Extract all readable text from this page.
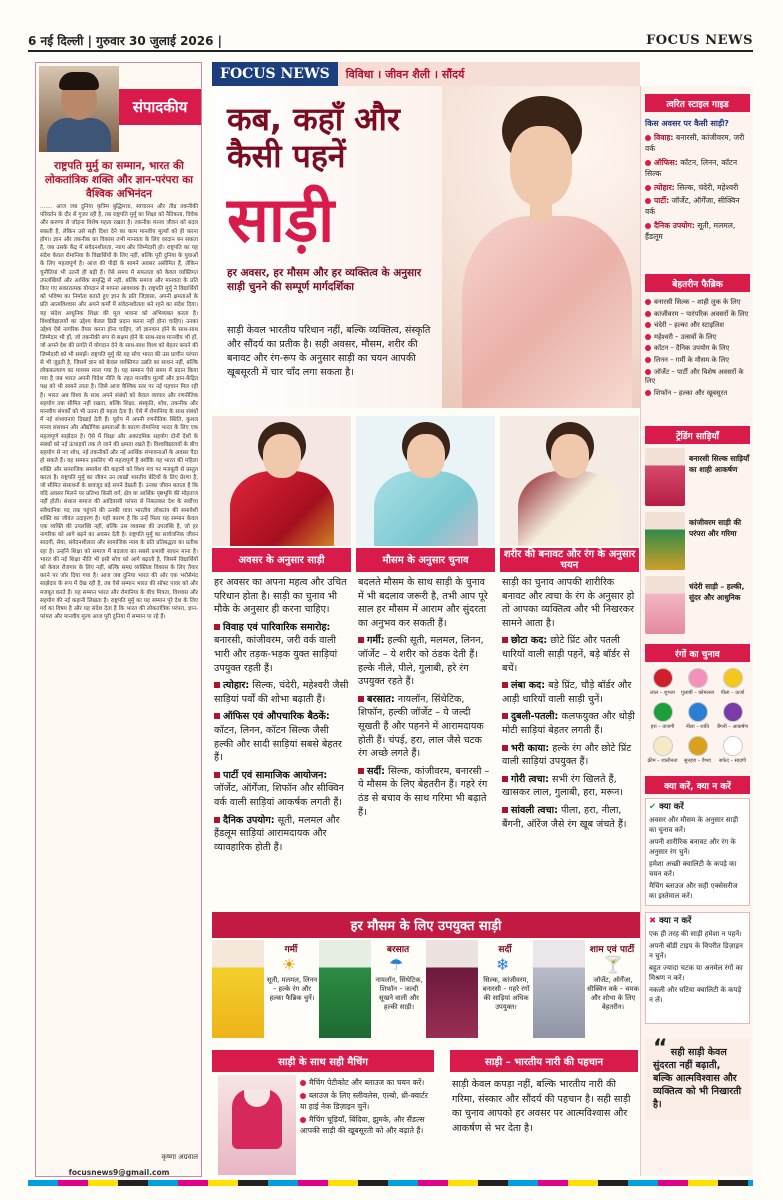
6 नई दिल्ली | गुरुवार 30 जुलाई 2026 |	FOCUS NEWS
संपादकीय
राष्ट्रपति मुर्मु का सम्मान, भारत की लोकतांत्रिक शक्ति और ज्ञान-परंपरा का वैश्विक अभिनंदन
....... आज जब दुनिया कृत्रिम बुद्धिमत्ता, स्वचालन और तीव्र तकनीकी परिवर्तन के दौर से गुजर रही है, तब राष्ट्रपति मुर्मु का शिक्षा को नैतिकता, विवेक और करुणा से जोड़ना विशेष महत्व रखता है। तकनीक मानव जीवन को बदल सकती है, लेकिन उसे सही दिशा देने का काम मानवीय मूल्यों को ही करना होगा। ज्ञान और तकनीक का विकास तभी मानवता के लिए वरदान बन सकता है, जब उसके केंद्र में संवेदनशीलता, न्याय और जिम्मेदारी हो। राष्ट्रपति का यह संदेश केवल रोमानिया के विद्यार्थियों के लिए नहीं, बल्कि पूरी दुनिया के युवाओं के लिए महत्वपूर्ण है। आज की पीढ़ी के सामने अवसर असीमित हैं, लेकिन चुनौतियां भी उतनी ही बड़ी हैं। ऐसे समय में सफलता को केवल व्यक्तिगत उपलब्धियों और आर्थिक समृद्धि से नहीं, बल्कि समाज और मानवता के प्रति किए गए सकारात्मक योगदान से मापना आवश्यक है। राष्ट्रपति मुर्मु ने विद्यार्थियों को भविष्य का निर्माता बताते हुए ज्ञान के प्रति जिज्ञासा, अपनी क्षमताओं के प्रति आत्मविश्वास और अपने कर्मों में संवेदनशीलता बने रहने का संदेश दिया। यह संदेश आधुनिक शिक्षा की मूल भावना को अभिव्यक्त करता है। विश्वविद्यालयों का उद्देश्य केवल डिग्री प्रदान करना नहीं होना चाहिए। उनका उद्देश्य ऐसे नागरिक तैयार करना होना चाहिए, जो ज्ञानवान होने के साथ-साथ जिम्मेदार भी हों, जो तकनीकी रूप से सक्षम होने के साथ-साथ मानवीय भी हों, जो अपने देश की प्रगति में योगदान देने के साथ-साथ विश्व को बेहतर बनाने की जिम्मेदारी को भी समझें। राष्ट्रपति मुर्मु की यह सोच भारत की उस प्राचीन परंपरा से भी जुड़ती है, जिसमें ज्ञान को केवल व्यक्तिगत उन्नति का साधन नहीं, बल्कि लोककल्याण का माध्यम माना गया है। यह सम्मान ऐसे समय में प्रदान किया गया है जब भारत अपनी विदेश नीति के तहत मानवीय मूल्यों और ज्ञान-केंद्रित पक्ष को भी सामने लाता है। जिसे आज वैश्विक स्तर पर नई पहचान मिल रही है। भारत अब विश्व के साथ अपने संबंधों को केवल व्यापार और रणनीतिक सहयोग तक सीमित नहीं रखता, बल्कि शिक्षा, संस्कृति, शोध, तकनीक और मानवीय संपर्कों को भी उतना ही महत्व देता है। ऐसे में रोमानिया के साथ संबंधों में नई संभावनाएं दिखाई देती हैं। यूरोप में अपनी रणनीतिक स्थिति, कुशल मानव संसाधन और औद्योगिक क्षमताओं के कारण रोमानिया भारत के लिए एक महत्वपूर्ण साझेदार है। ऐसे में शिक्षा और अकादमिक सहयोग दोनों देशों के संबंधों को नई ऊंचाइयों तक ले जाने की क्षमता रखते हैं। विश्वविद्यालयों के बीच सहयोग से नए शोध, नई तकनीकों और नई आर्थिक संभावनाओं के अवसर पैदा हो सकते हैं। यह सम्मान इसलिए भी महत्वपूर्ण है क्योंकि यह भारत की महिला शक्ति और सामाजिक समावेश की कहानी को विश्व मंच पर मजबूती से प्रस्तुत करता है। राष्ट्रपति मुर्मु का जीवन उन लाखों भारतीय बेटियों के लिए प्रेरणा है, जो सीमित संसाधनों के बावजूद बड़े सपने देखती हैं। उनका जीवन बताता है कि यदि अवसर मिलने पर प्रतिभा किसी वर्ग, क्षेत्र या आर्थिक पृष्ठभूमि की मोहताज नहीं होती। संथाल समाज की आदिवासी परंपरा से निकलकर देश के सर्वोच्च संवैधानिक पद तक पहुंचने की उनकी यात्रा भारतीय लोकतंत्र की समावेशी शक्ति का जीवंत उदाहरण है। यही कारण है कि उन्हें मिला यह सम्मान केवल एक व्यक्ति की उपलब्धि नहीं, बल्कि उस व्यवस्था की उपलब्धि है, जो हर नागरिक को आगे बढ़ने का अवसर देती है। राष्ट्रपति मुर्मु का सार्वजनिक जीवन सादगी, सेवा, संवेदनशीलता और सामाजिक न्याय के प्रति प्रतिबद्धता का प्रतीक रहा है। उन्होंने शिक्षा को समाज में बदलाव का सबसे प्रभावी साधन माना है। भारत की नई शिक्षा नीति भी इसी सोच को आगे बढ़ाती है, जिसमें विद्यार्थियों को केवल रोजगार के लिए नहीं, बल्कि समग्र व्यक्तित्व विकास के लिए तैयार करने पर जोर दिया गया है। आज जब दुनिया भारत की ओर एक भरोसेमंद साझेदार के रूप में देख रही है, तब ऐसे सम्मान भारत की सॉफ्ट पावर को और मजबूत करते हैं। यह सम्मान भारत और रोमानिया के बीच मित्रता, विश्वास और सहयोग की नई कहानी लिखता है। राष्ट्रपति मुर्मु का यह सम्मान पूरे देश के लिए गर्व का विषय है और यह संदेश देता है कि भारत की लोकतांत्रिक परंपरा, ज्ञान-परंपरा और मानवीय मूल्य आज पूरी दुनिया में सम्मान पा रहे हैं।
कृष्णा अग्रवाल
focusnews9@gmail.com
FOCUS NEWS	विविधा । जीवन शैली । सौंदर्य
कब, कहाँ और
कैसी पहनें
साड़ी
हर अवसर, हर मौसम और हर व्यक्तित्व के अनुसार साड़ी चुनने की सम्पूर्ण मार्गदर्शिका
साड़ी केवल भारतीय परिधान नहीं, बल्कि व्यक्तित्व, संस्कृति और सौंदर्य का प्रतीक है। सही अवसर, मौसम, शरीर की बनावट और रंग-रूप के अनुसार साड़ी का चयन आपकी खूबसूरती में चार चाँद लगा सकता है।
त्वरित स्टाइल गाइड
किस अवसर पर कैसी साड़ी?
विवाह: बनारसी, कांजीवरम, जरी वर्क
ऑफिस: कॉटन, लिनन, कॉटन सिल्क
त्योहार: सिल्क, चंदेरी, महेश्वरी
पार्टी: जॉर्जेट, ऑर्गेंजा, सीक्विन वर्क
दैनिक उपयोग: सूती, मलमल, हैंडलूम
बेहतरीन फैब्रिक
बनारसी सिल्क – शाही लुक के लिए
कांजीवरम – पारंपरिक अवसरों के लिए
चंदेरी – हल्का और स्टाइलिश
महेश्वरी – उत्सवों के लिए
कॉटन – दैनिक उपयोग के लिए
लिनन – गर्मी के मौसम के लिए
जॉर्जेट – पार्टी और विशेष अवसरों के लिए
शिफॉन – हल्का और खूबसूरत
ट्रेंडिंग साड़ियाँ
बनारसी सिल्क साड़ियाँ का शाही आकर्षण
कांजीवरम साड़ी की परंपरा और गरिमा
चंदेरी साड़ी – हल्की, सुंदर और आधुनिक
रंगों का चुनाव
लाल – शुभता	गुलाबी – कोमलता	पीला – ऊर्जा
हरा – ताजगी	नीला – शांति	बैंगनी – आकर्षण
क्रीम – शालीनता	सुनहरा – वैभव	सफेद – सादगी
क्या करें, क्या न करें
✔ क्या करें
अवसर और मौसम के अनुसार साड़ी का चुनाव करें।
अपनी शारीरिक बनावट और रंग के अनुसार रंग चुनें।
हमेशा अच्छी क्वालिटी के कपड़े का चयन करें।
मैचिंग ब्लाउज और सही एक्सेसरीज का इस्तेमाल करें।
✖ क्या न करें
एक ही तरह की साड़ी हमेशा न पहनें।
अपनी बॉडी टाइप के विपरीत डिज़ाइन न चुनें।
बहुत ज्यादा चटक या अनमेल रंगों का मिश्रण न करें।
नकली और घटिया क्वालिटी के कपड़े न लें।
“ सही साड़ी केवल सुंदरता नहीं बढ़ाती, बल्कि आत्मविश्वास और व्यक्तित्व को भी निखारती है।
अवसर के अनुसार साड़ी
हर अवसर का अपना महत्व और उचित परिधान होता है। साड़ी का चुनाव भी मौके के अनुसार ही करना चाहिए।
विवाह एवं पारिवारिक समारोह: बनारसी, कांजीवरम, जरी वर्क वाली भारी और तड़क-भड़क युक्त साड़ियां उपयुक्त रहती हैं।
त्योहार: सिल्क, चंदेरी, महेश्वरी जैसी साड़ियां पर्वों की शोभा बढ़ाती हैं।
ऑफिस एवं औपचारिक बैठकें: कॉटन, लिनन, कॉटन सिल्क जैसी हल्की और सादी साड़ियां सबसे बेहतर हैं।
पार्टी एवं सामाजिक आयोजन: जॉर्जेट, ऑर्गेंजा, शिफॉन और सीक्विन वर्क वाली साड़ियां आकर्षक लगती हैं।
दैनिक उपयोग: सूती, मलमल और हैंडलूम साड़ियां आरामदायक और व्यावहारिक होती हैं।
मौसम के अनुसार चुनाव
बदलते मौसम के साथ साड़ी के चुनाव में भी बदलाव जरूरी है, तभी आप पूरे साल हर मौसम में आराम और सुंदरता का अनुभव कर सकती हैं।
गर्मी: हल्की सूती, मलमल, लिनन, जॉर्जेट – ये शरीर को ठंडक देती हैं। हल्के नीले, पीले, गुलाबी, हरे रंग उपयुक्त रहते हैं।
बरसात: नायलॉन, सिंथेटिक, शिफॉन, हल्की जॉर्जेट – ये जल्दी सूखती हैं और पहनने में आरामदायक होती हैं। चंपई, हरा, लाल जैसे चटक रंग अच्छे लगते हैं।
सर्दी: सिल्क, कांजीवरम, बनारसी – ये मौसम के लिए बेहतरीन हैं। गहरे रंग ठंड से बचाव के साथ गरिमा भी बढ़ाते हैं।
शरीर की बनावट और रंग के अनुसार चयन
साड़ी का चुनाव आपकी शारीरिक बनावट और त्वचा के रंग के अनुसार हो तो आपका व्यक्तित्व और भी निखरकर सामने आता है।
छोटा कद: छोटे प्रिंट और पतली धारियों वाली साड़ी पहनें, बड़े बॉर्डर से बचें।
लंबा कद: बड़े प्रिंट, चौड़े बॉर्डर और आड़ी धारियों वाली साड़ी चुनें।
दुबली-पतली: कलफयुक्त और थोड़ी मोटी साड़ियां बेहतर लगती हैं।
भरी काया: हल्के रंग और छोटे प्रिंट वाली साड़ियां उपयुक्त हैं।
गोरी त्वचा: सभी रंग खिलते हैं, खासकर लाल, गुलाबी, हरा, मरून।
सांवली त्वचा: पीला, हरा, नीला, बैंगनी, ऑरेंज जैसे रंग खूब जंचते हैं।
हर मौसम के लिए उपयुक्त साड़ी
गर्मी
☀
सूती, मलमल, लिनन – हल्के रंग और हल्का फैब्रिक चुनें।
बरसात
☂
नायलॉन, सिंथेटिक, शिफॉन – जल्दी सूखने वाली और हल्की साड़ी।
सर्दी
❄
सिल्क, कांजीवरम, बनारसी – गहरे रंगों की साड़ियां अधिक उपयुक्त।
शाम एवं पार्टी
🍸
जॉर्जेट, ऑर्गेंजा, सीक्विन वर्क – चमक और शोभा के लिए बेहतरीन।
साड़ी के साथ सही मैचिंग
मैचिंग पेटीकोट और ब्लाउज का चयन करें।
ब्लाउज के लिए स्लीवलेस, एल्बो, थ्री-क्वार्टर या हाई नेक डिज़ाइन चुनें।
मैचिंग चूड़ियाँ, बिंदिया, झुमके, और सैंडल्स आपकी साड़ी की खूबसूरती को और बढ़ाते हैं।
साड़ी – भारतीय नारी की पहचान
साड़ी केवल कपड़ा नहीं, बल्कि भारतीय नारी की गरिमा, संस्कार और सौंदर्य की पहचान है। सही साड़ी का चुनाव आपको हर अवसर पर आत्मविश्वास और आकर्षण से भर देता है।
